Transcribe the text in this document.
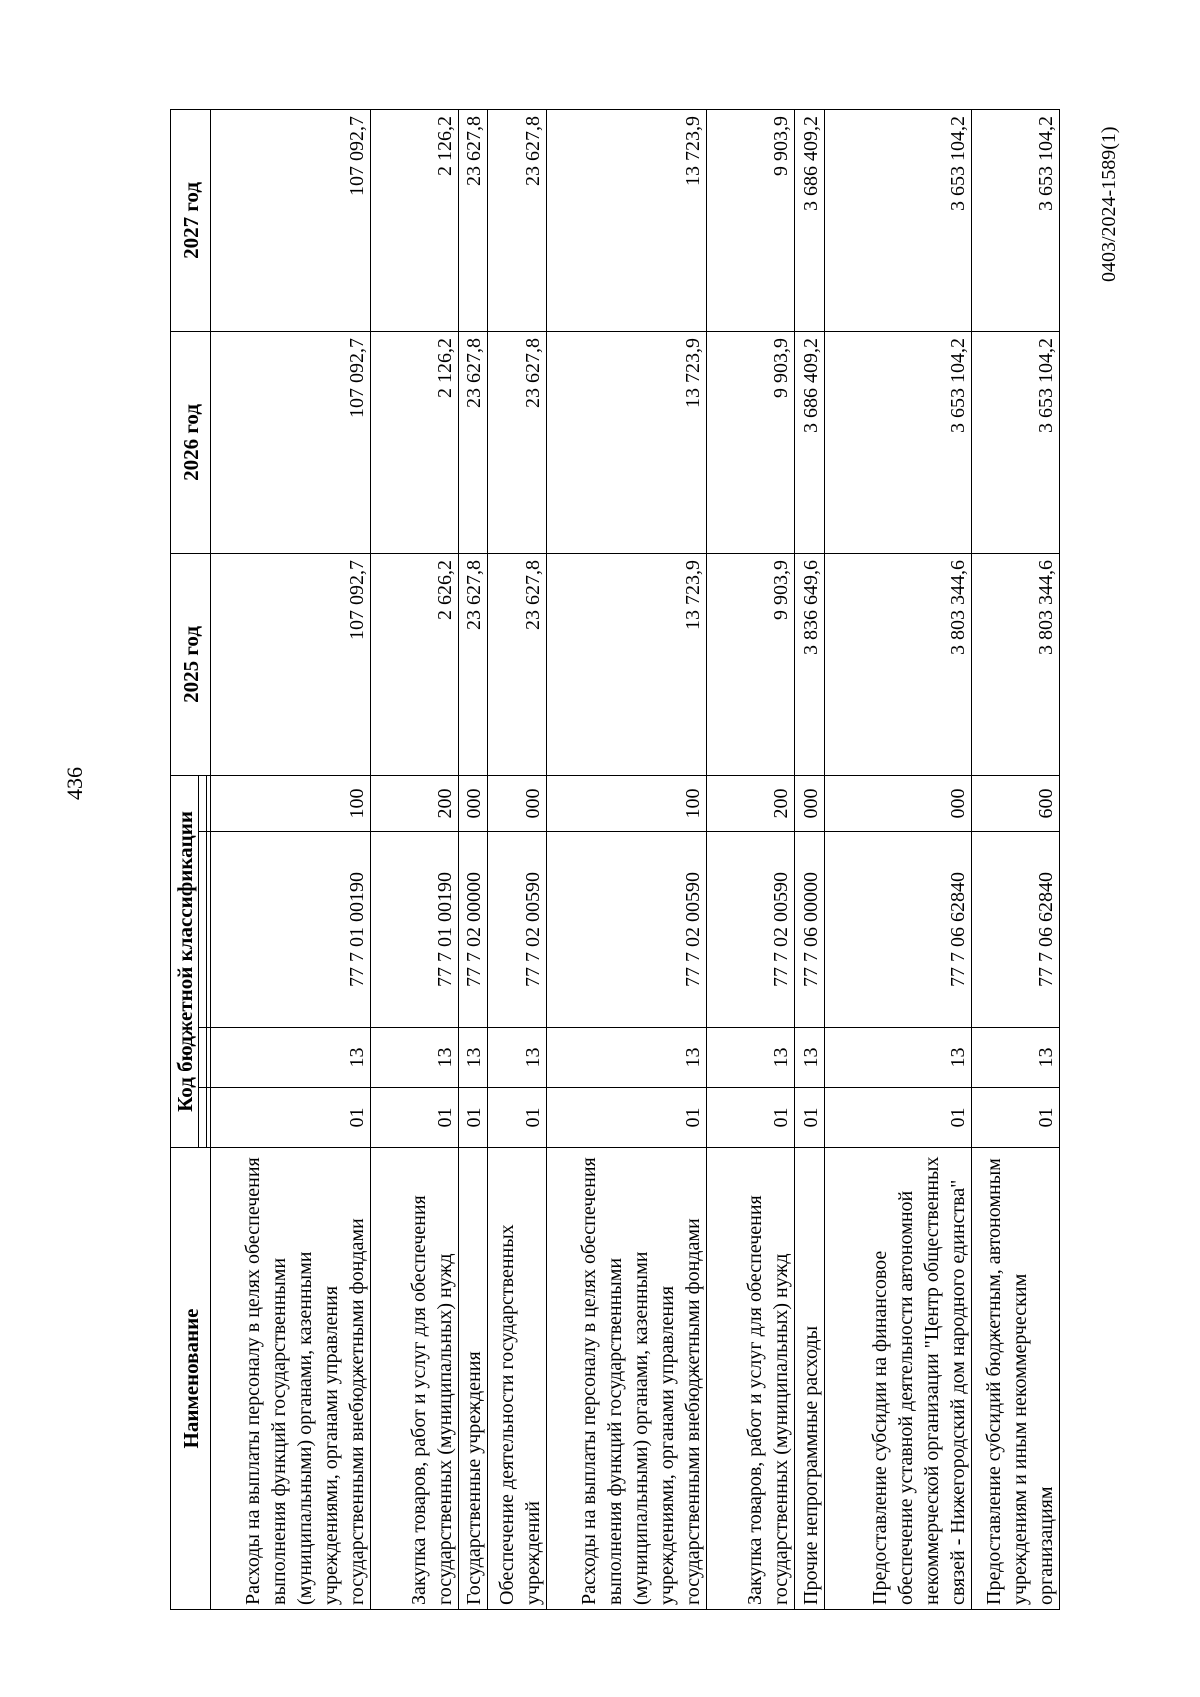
436
Наименование	Код бюджетной классификации				2025 год	2026 год	2027 год

Расходы на выплаты персоналу в целях обеспечения выполнения функций государственными (муниципальными) органами, казенными учреждениями, органами управления государственными внебюджетными фондами	01	13	77 7 01 00190	100	107 092,7	107 092,7	107 092,7
Закупка товаров, работ и услуг для обеспечения государственных (муниципальных) нужд	01	13	77 7 01 00190	200	2 626,2	2 126,2	2 126,2
Государственные учреждения	01	13	77 7 02 00000	000	23 627,8	23 627,8	23 627,8
Обеспечение деятельности государственных учреждений	01	13	77 7 02 00590	000	23 627,8	23 627,8	23 627,8
Расходы на выплаты персоналу в целях обеспечения выполнения функций государственными (муниципальными) органами, казенными учреждениями, органами управления государственными внебюджетными фондами	01	13	77 7 02 00590	100	13 723,9	13 723,9	13 723,9
Закупка товаров, работ и услуг для обеспечения государственных (муниципальных) нужд	01	13	77 7 02 00590	200	9 903,9	9 903,9	9 903,9
Прочие непрограммные расходы	01	13	77 7 06 00000	000	3 836 649,6	3 686 409,2	3 686 409,2
Предоставление субсидии на финансовое обеспечение уставной деятельности автономной некоммерческой организации "Центр общественных связей - Нижегородский дом народного единства"	01	13	77 7 06 62840	000	3 803 344,6	3 653 104,2	3 653 104,2
Предоставление субсидий бюджетным, автономным учреждениям и иным некоммерческим организациям	01	13	77 7 06 62840	600	3 803 344,6	3 653 104,2	3 653 104,2 0403/2024-1589(1)
